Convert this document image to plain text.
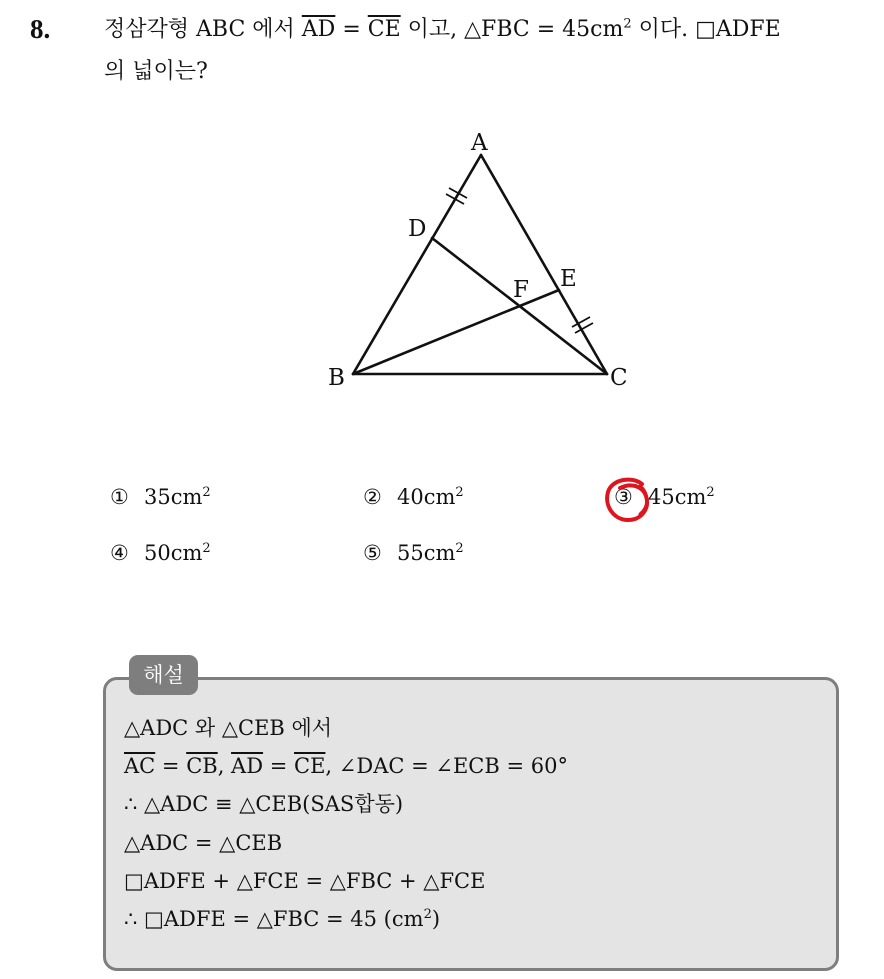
8. 정삼각형 ABC 에서 $\overline{AD} = \overline{CE}$ 이고, △FBC = $45cm^2$ 이다. □ADFE
의 넓이는?
A
B	C
D
E
F
① $35cm^2$	② $40cm^2$	③ $45cm^2$
④ $50cm^2$	⑤ $55cm^2$
해설
△ADC 와 △CEB 에서
$\overline{AC} = \overline{CB}$, $\overline{AD} = \overline{CE}$, ∠DAC = ∠ECB = 60°
∴ △ADC ≡ △CEB(SAS합동)
△ADC = △CEB
□ADFE + △FCE = △FBC + △FCE
∴ □ADFE = △FBC = 45 $(cm^2)$
